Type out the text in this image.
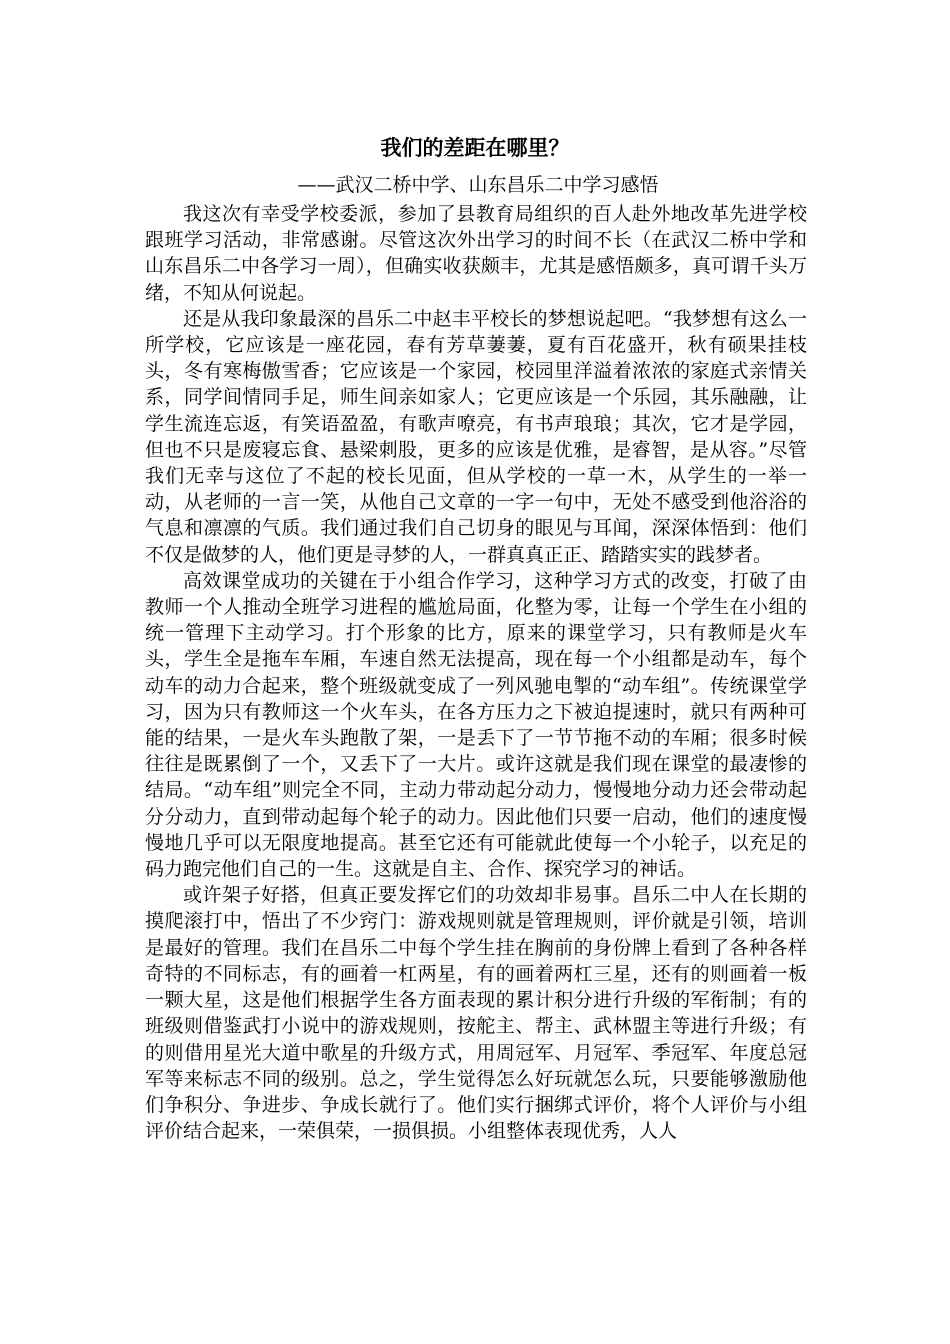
我们的差距在哪里？
——武汉二桥中学、山东昌乐二中学习感悟

我这次有幸受学校委派，参加了县教育局组织的百人赴外地改革先进学校跟班学习活动，非常感谢。尽管这次外出学习的时间不长（在武汉二桥中学和山东昌乐二中各学习一周），但确实收获颇丰，尤其是感悟颇多，真可谓千头万绪，不知从何说起。

还是从我印象最深的昌乐二中赵丰平校长的梦想说起吧。“我梦想有这么一所学校，它应该是一座花园，春有芳草萋萋，夏有百花盛开，秋有硕果挂枝头，冬有寒梅傲雪香；它应该是一个家园，校园里洋溢着浓浓的家庭式亲情关系，同学间情同手足，师生间亲如家人；它更应该是一个乐园，其乐融融，让学生流连忘返，有笑语盈盈，有歌声嘹亮，有书声琅琅；其次，它才是学园，但也不只是废寝忘食、悬梁刺股，更多的应该是优雅，是睿智，是从容。”尽管我们无幸与这位了不起的校长见面，但从学校的一草一木，从学生的一举一动，从老师的一言一笑，从他自己文章的一字一句中，无处不感受到他浴浴的气息和凛凛的气质。我们通过我们自己切身的眼见与耳闻，深深体悟到：他们不仅是做梦的人，他们更是寻梦的人，一群真真正正、踏踏实实的践梦者。

高效课堂成功的关键在于小组合作学习，这种学习方式的改变，打破了由教师一个人推动全班学习进程的尴尬局面，化整为零，让每一个学生在小组的统一管理下主动学习。打个形象的比方，原来的课堂学习，只有教师是火车头，学生全是拖车车厢，车速自然无法提高，现在每一个小组都是动车，每个动车的动力合起来，整个班级就变成了一列风驰电掣的“动车组”。传统课堂学习，因为只有教师这一个火车头，在各方压力之下被迫提速时，就只有两种可能的结果，一是火车头跑散了架，一是丢下了一节节拖不动的车厢；很多时候往往是既累倒了一个，又丢下了一大片。或许这就是我们现在课堂的最凄惨的结局。“动车组”则完全不同，主动力带动起分动力，慢慢地分动力还会带动起分分动力，直到带动起每个轮子的动力。因此他们只要一启动，他们的速度慢慢地几乎可以无限度地提高。甚至它还有可能就此使每一个小轮子，以充足的码力跑完他们自己的一生。这就是自主、合作、探究学习的神话。

或许架子好搭，但真正要发挥它们的功效却非易事。昌乐二中人在长期的摸爬滚打中，悟出了不少窍门：游戏规则就是管理规则，评价就是引领，培训是最好的管理。我们在昌乐二中每个学生挂在胸前的身份牌上看到了各种各样奇特的不同标志，有的画着一杠两星，有的画着两杠三星，还有的则画着一板一颗大星，这是他们根据学生各方面表现的累计积分进行升级的军衔制；有的班级则借鉴武打小说中的游戏规则，按舵主、帮主、武林盟主等进行升级；有的则借用星光大道中歌星的升级方式，用周冠军、月冠军、季冠军、年度总冠军等来标志不同的级别。总之，学生觉得怎么好玩就怎么玩，只要能够激励他们争积分、争进步、争成长就行了。他们实行捆绑式评价，将个人评价与小组评价结合起来，一荣俱荣，一损俱损。小组整体表现优秀，人人
